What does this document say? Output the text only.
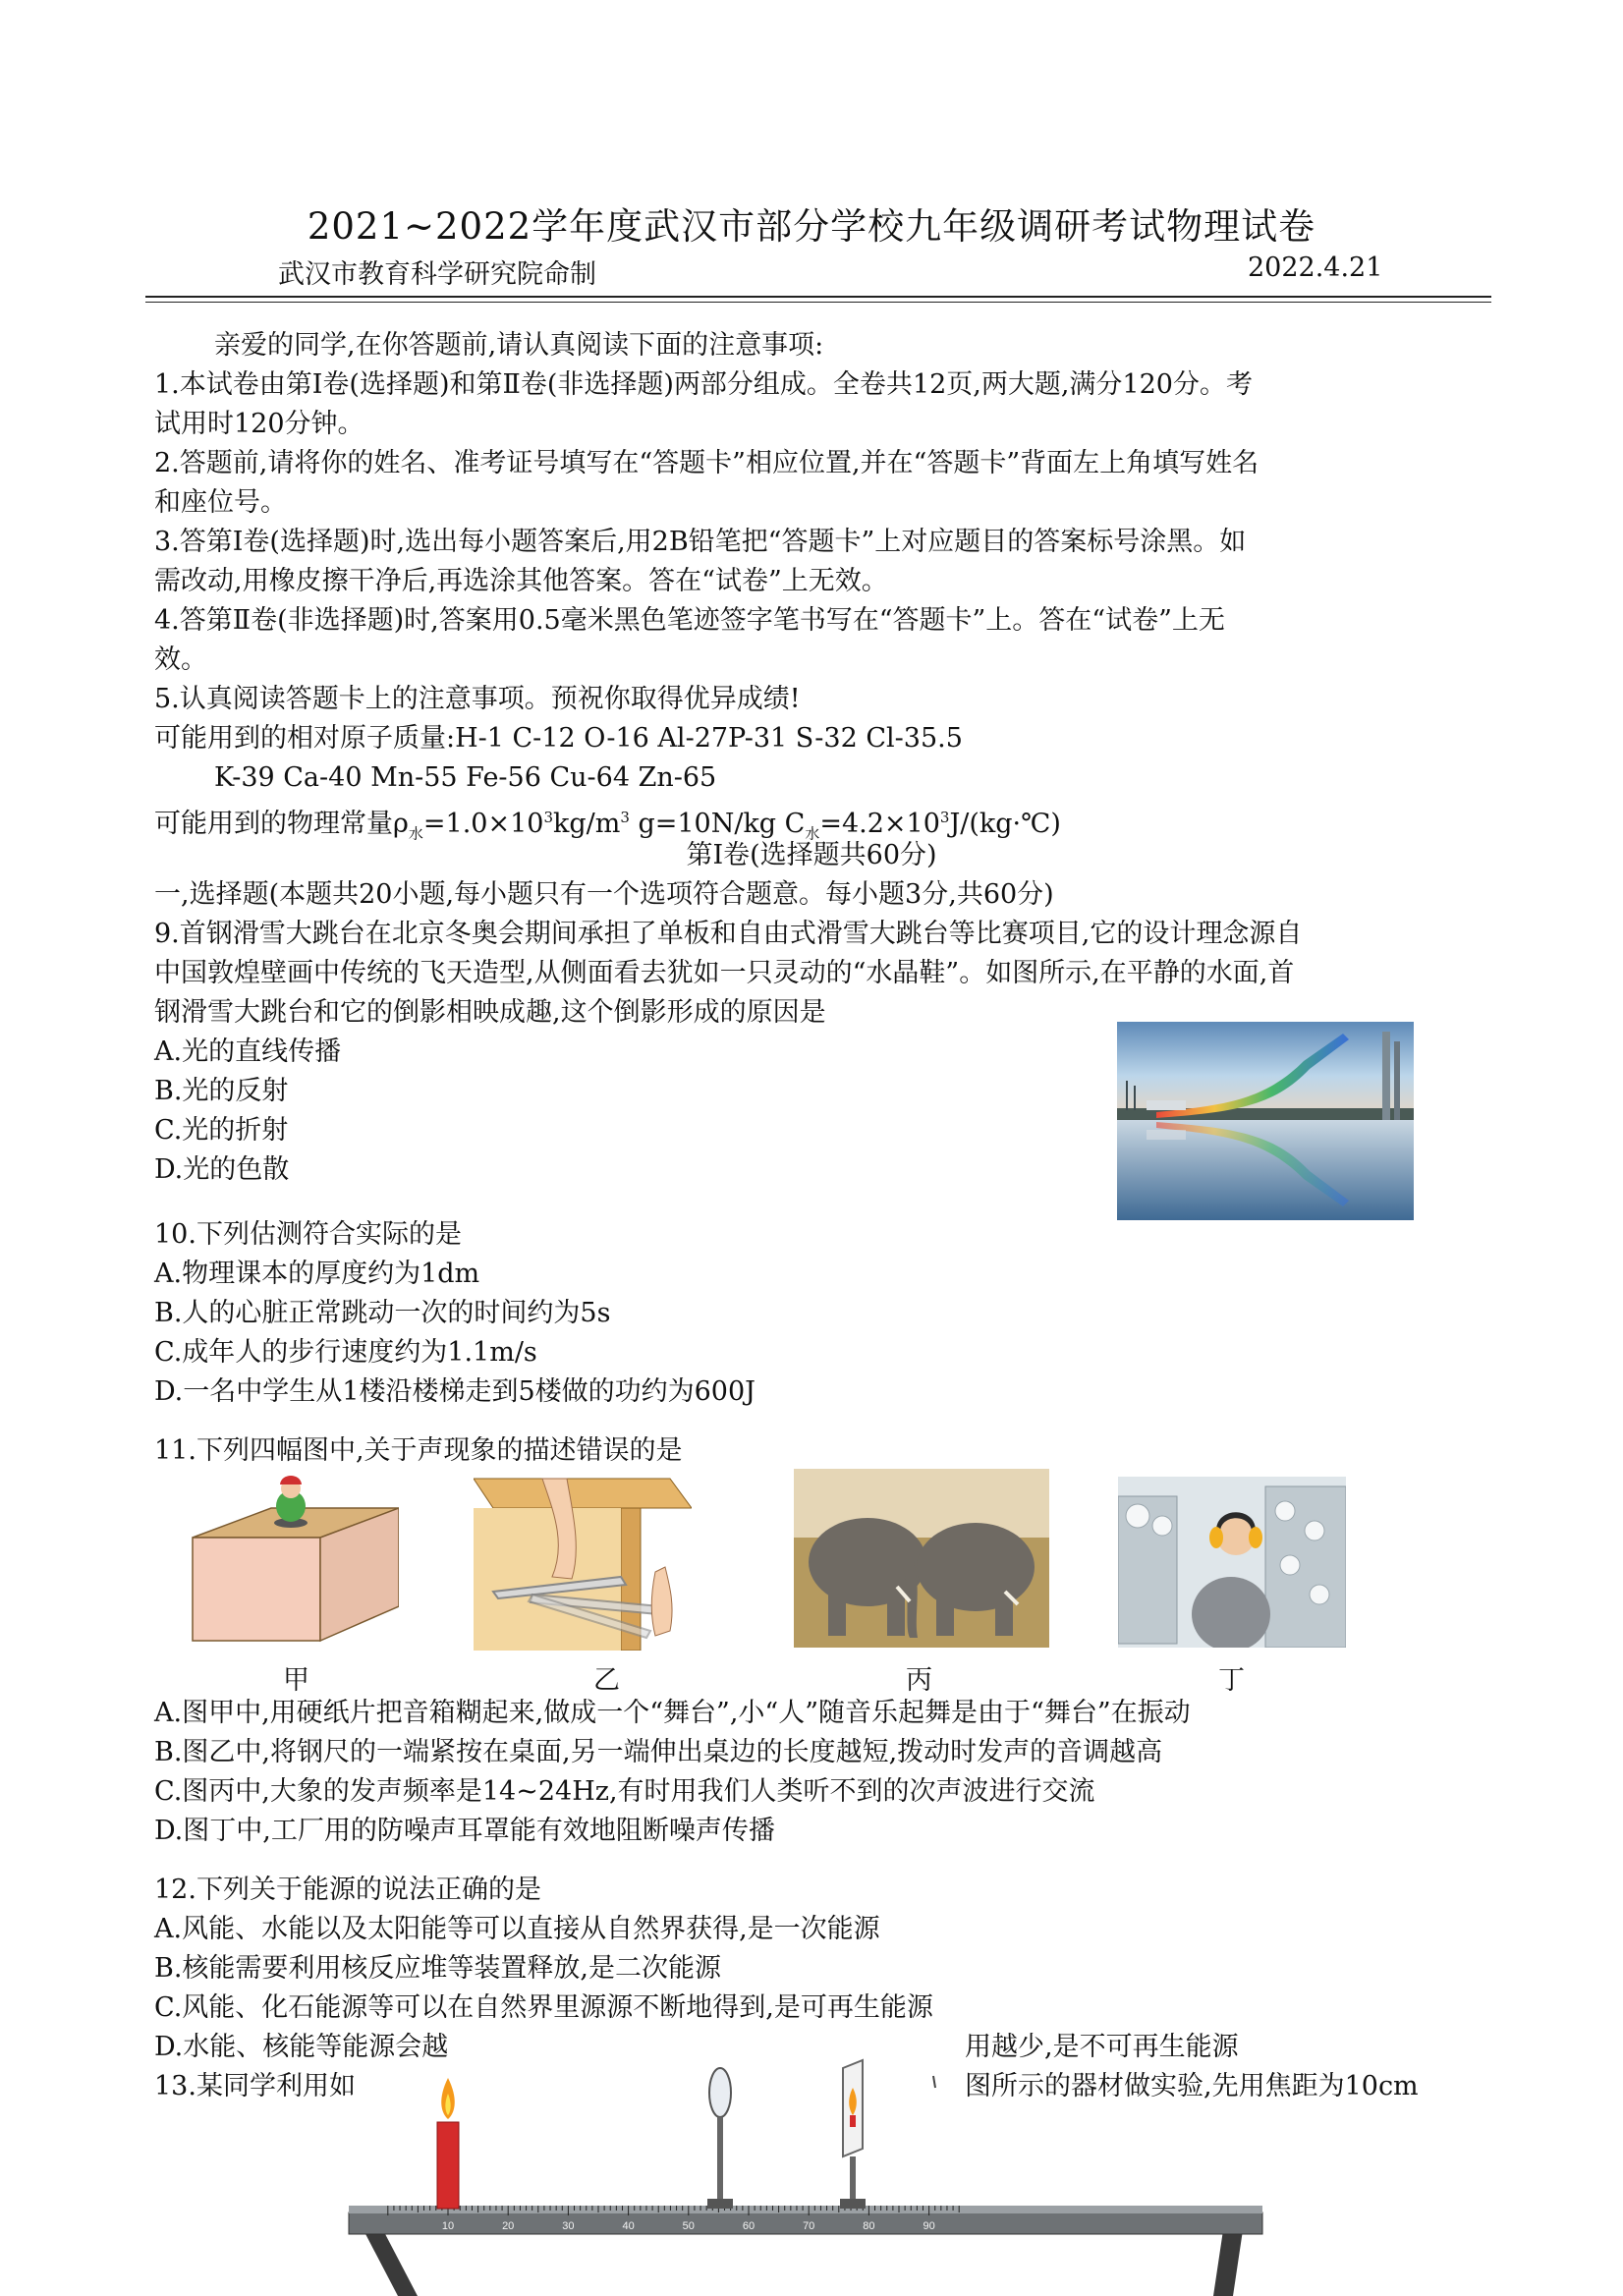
2021~2022学年度武汉市部分学校九年级调研考试物理试卷
武汉市教育科学研究院命制	2022.4.21
亲爱的同学,在你答题前,请认真阅读下面的注意事项:
1.本试卷由第Ⅰ卷(选择题)和第Ⅱ卷(非选择题)两部分组成。全卷共12页,两大题,满分120分。考
试用时120分钟。
2.答题前,请将你的姓名、准考证号填写在“答题卡”相应位置,并在“答题卡”背面左上角填写姓名
和座位号。
3.答第Ⅰ卷(选择题)时,选出每小题答案后,用2B铅笔把“答题卡”上对应题目的答案标号涂黑。如
需改动,用橡皮擦干净后,再选涂其他答案。答在“试卷”上无效。
4.答第Ⅱ卷(非选择题)时,答案用0.5毫米黑色笔迹签字笔书写在“答题卡”上。答在“试卷”上无
效。
5.认真阅读答题卡上的注意事项。预祝你取得优异成绩!
可能用到的相对原子质量:H-1 C-12 O-16 Al-27P-31 S-32 Cl-35.5
K-39 Ca-40 Mn-55 Fe-56 Cu-64 Zn-65
可能用到的物理常量$\rho_水=1.0\times 10^3kg/m^3$ g=10N/kg $C_水=4.2\times 10^3J/(kg\cdot℃)$
第Ⅰ卷(选择题共60分)
一,选择题(本题共20小题,每小题只有一个选项符合题意。每小题3分,共60分)
9.首钢滑雪大跳台在北京冬奥会期间承担了单板和自由式滑雪大跳台等比赛项目,它的设计理念源自
中国敦煌壁画中传统的飞天造型,从侧面看去犹如一只灵动的“水晶鞋”。如图所示,在平静的水面,首
钢滑雪大跳台和它的倒影相映成趣,这个倒影形成的原因是
A.光的直线传播
B.光的反射
C.光的折射
D.光的色散
10.下列估测符合实际的是
A.物理课本的厚度约为1dm
B.人的心脏正常跳动一次的时间约为5s
C.成年人的步行速度约为1.1m/s
D.一名中学生从1楼沿楼梯走到5楼做的功约为600J
11.下列四幅图中,关于声现象的描述错误的是
甲	乙	丙	丁
A.图甲中,用硬纸片把音箱糊起来,做成一个“舞台”,小“人”随音乐起舞是由于“舞台”在振动
B.图乙中,将钢尺的一端紧按在桌面,另一端伸出桌边的长度越短,拨动时发声的音调越高
C.图丙中,大象的发声频率是14~24Hz,有时用我们人类听不到的次声波进行交流
D.图丁中,工厂用的防噪声耳罩能有效地阻断噪声传播
12.下列关于能源的说法正确的是
A.风能、水能以及太阳能等可以直接从自然界获得,是一次能源
B.核能需要利用核反应堆等装置释放,是二次能源
C.风能、化石能源等可以在自然界里源源不断地得到,是可再生能源
D.水能、核能等能源会越	用越少,是不可再生能源
13.某同学利用如	图所示的器材做实验,先用焦距为10cm
10	20	30	40	50	60	70	80	90
